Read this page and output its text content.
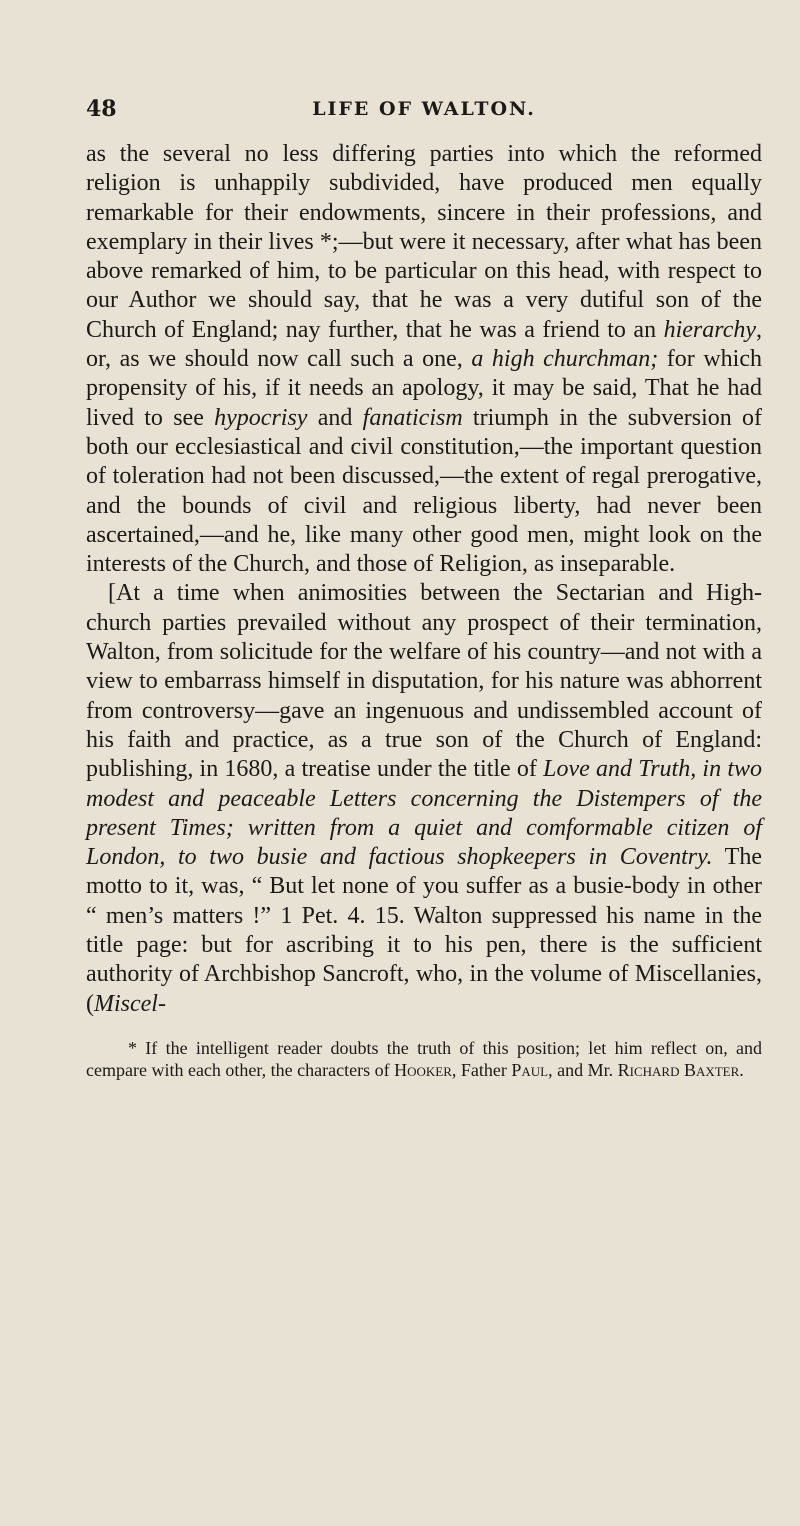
48	LIFE OF WALTON.

as the several no less differing parties into which the reformed religion is unhappily subdivided, have produced men equally remarkable for their endowments, sincere in their professions, and exemplary in their lives *;—but were it necessary, after what has been above remarked of him, to be particular on this head, with respect to our Author we should say, that he was a very dutiful son of the Church of England; nay further, that he was a friend to an hierarchy, or, as we should now call such a one, a high churchman; for which propensity of his, if it needs an apology, it may be said, That he had lived to see hypocrisy and fanaticism triumph in the subversion of both our ecclesiastical and civil constitution,—the important question of toleration had not been discussed,—the extent of regal prerogative, and the bounds of civil and religious liberty, had never been ascertained,—and he, like many other good men, might look on the interests of the Church, and those of Religion, as inseparable.

[At a time when animosities between the Sectarian and High-church parties prevailed without any prospect of their termination, Walton, from solicitude for the welfare of his country—and not with a view to embarrass himself in disputation, for his nature was abhorrent from controversy—gave an ingenuous and undissembled account of his faith and practice, as a true son of the Church of England: publishing, in 1680, a treatise under the title of Love and Truth, in two modest and peaceable Letters concerning the Distempers of the present Times; written from a quiet and comformable citizen of London, to two busie and factious shopkeepers in Coventry. The motto to it, was, “ But let none of you suffer as a busie-body in other “ men’s matters !” 1 Pet. 4. 15. Walton suppressed his name in the title page: but for ascribing it to his pen, there is the sufficient authority of Archbishop Sancroft, who, in the volume of Miscellanies, (Miscel-

* If the intelligent reader doubts the truth of this position; let him reflect on, and cempare with each other, the characters of Hooker, Father Paul, and Mr. Richard Baxter.
